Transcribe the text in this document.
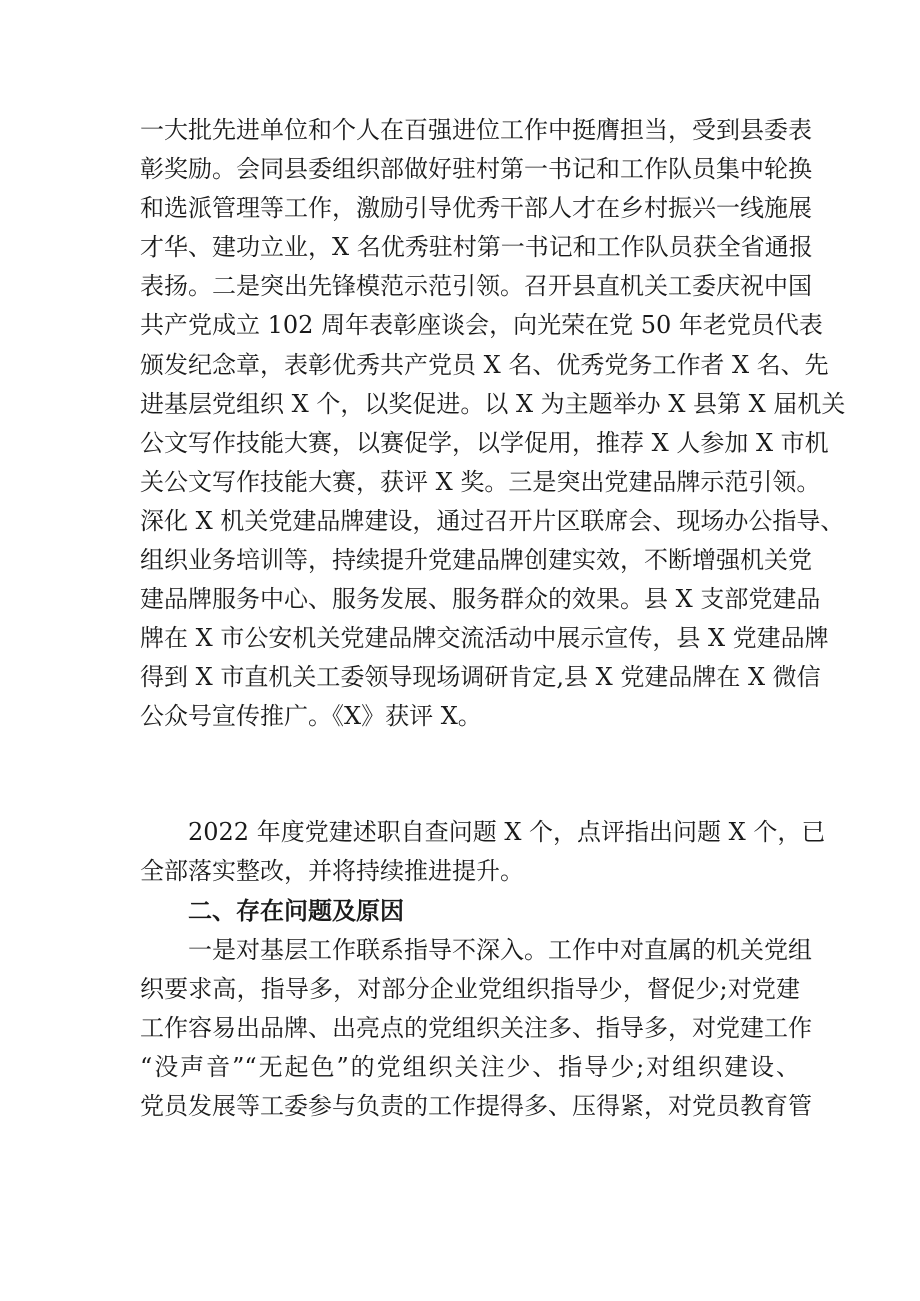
一大批先进单位和个人在百强进位工作中挺膺担当，受到县委表
彰奖励。会同县委组织部做好驻村第一书记和工作队员集中轮换
和选派管理等工作，激励引导优秀干部人才在乡村振兴一线施展
才华、建功立业，X 名优秀驻村第一书记和工作队员获全省通报
表扬。二是突出先锋模范示范引领。召开县直机关工委庆祝中国
共产党成立 102 周年表彰座谈会，向光荣在党 50 年老党员代表
颁发纪念章，表彰优秀共产党员 X 名、优秀党务工作者 X 名、先
进基层党组织 X 个，以奖促进。以 X 为主题举办 X 县第 X 届机关
公文写作技能大赛，以赛促学，以学促用，推荐 X 人参加 X 市机
关公文写作技能大赛，获评 X 奖。三是突出党建品牌示范引领。
深化 X 机关党建品牌建设，通过召开片区联席会、现场办公指导、
组织业务培训等，持续提升党建品牌创建实效，不断增强机关党
建品牌服务中心、服务发展、服务群众的效果。县 X 支部党建品
牌在 X 市公安机关党建品牌交流活动中展示宣传，县 X 党建品牌
得到 X 市直机关工委领导现场调研肯定,县 X 党建品牌在 X 微信
公众号宣传推广。《X》获评 X。
2022 年度党建述职自查问题 X 个，点评指出问题 X 个，已
全部落实整改，并将持续推进提升。
二、存在问题及原因
一是对基层工作联系指导不深入。工作中对直属的机关党组
织要求高，指导多，对部分企业党组织指导少，督促少;对党建
工作容易出品牌、出亮点的党组织关注多、指导多，对党建工作
“没声音”“无起色”的党组织关注少、指导少;对组织建设、
党员发展等工委参与负责的工作提得多、压得紧，对党员教育管
